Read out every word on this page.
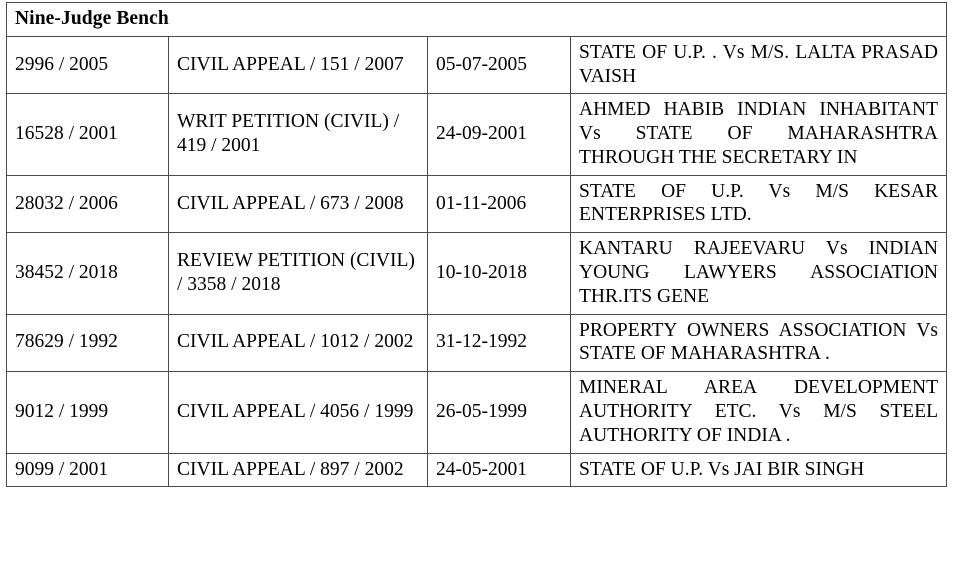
Nine-Judge Bench			
2996 / 2005	CIVIL APPEAL / 151 / 2007	05-07-2005	STATE OF U.P. . Vs M/S. LALTA PRASAD VAISH
16528 / 2001	WRIT PETITION (CIVIL) / 419 / 2001	24-09-2001	AHMED HABIB INDIAN INHABITANT Vs STATE OF MAHARASHTRA THROUGH THE SECRETARY IN
28032 / 2006	CIVIL APPEAL / 673 / 2008	01-11-2006	STATE OF U.P. Vs M/S KESAR ENTERPRISES LTD.
38452 / 2018	REVIEW PETITION (CIVIL) / 3358 / 2018	10-10-2018	KANTARU RAJEEVARU Vs INDIAN YOUNG LAWYERS ASSOCIATION THR.ITS GENE
78629 / 1992	CIVIL APPEAL / 1012 / 2002	31-12-1992	PROPERTY OWNERS ASSOCIATION Vs STATE OF MAHARASHTRA .
9012 / 1999	CIVIL APPEAL / 4056 / 1999	26-05-1999	MINERAL AREA DEVELOPMENT AUTHORITY ETC. Vs M/S STEEL AUTHORITY OF INDIA .
9099 / 2001	CIVIL APPEAL / 897 / 2002	24-05-2001	STATE OF U.P. Vs JAI BIR SINGH
